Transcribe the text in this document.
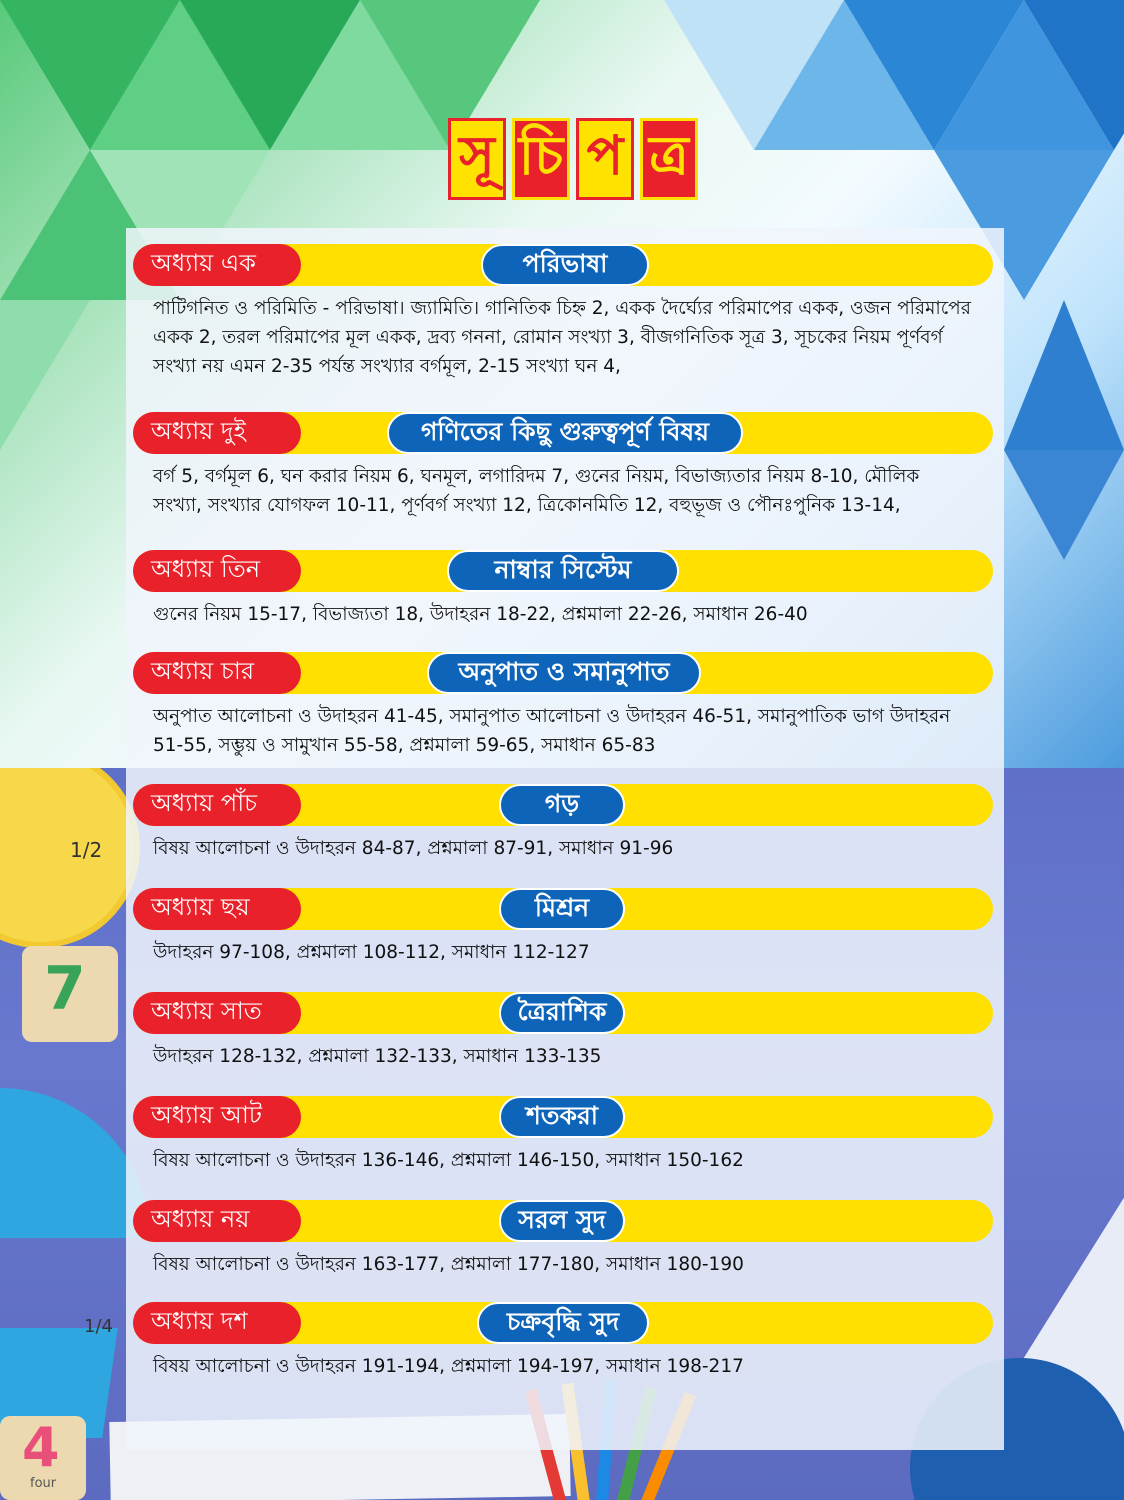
1/2
7
1/4
4
four
সূ চি প ত্র
অধ্যায় এক	পরিভাষা
পাটিগনিত ও পরিমিতি - পরিভাষা। জ্যামিতি। গানিতিক চিহ্ন 2, একক দৈর্ঘ্যের পরিমাপের একক, ওজন পরিমাপের একক 2, তরল পরিমাপের মূল একক, দ্রব্য গননা, রোমান সংখ্যা 3, বীজগনিতিক সূত্র 3, সূচকের নিয়ম পূর্ণবর্গ সংখ্যা নয় এমন 2-35 পর্যন্ত সংখ্যার বর্গমূল, 2-15 সংখ্যা ঘন 4,
অধ্যায় দুই	গণিতের কিছু গুরুত্বপূর্ণ বিষয়
বর্গ 5, বর্গমূল 6, ঘন করার নিয়ম 6, ঘনমূল, লগারিদম 7, গুনের নিয়ম, বিভাজ্যতার নিয়ম 8-10, মৌলিক সংখ্যা, সংখ্যার যোগফল 10-11, পূর্ণবর্গ সংখ্যা 12, ত্রিকোনমিতি 12, বহুভূজ ও পৌনঃপুনিক 13-14,
অধ্যায় তিন	নাম্বার সিস্টেম
গুনের নিয়ম 15-17, বিভাজ্যতা 18, উদাহরন 18-22, প্রশ্নমালা 22-26, সমাধান 26-40
অধ্যায় চার	অনুপাত ও সমানুপাত
অনুপাত আলোচনা ও উদাহরন 41-45, সমানুপাত আলোচনা ও উদাহরন 46-51, সমানুপাতিক ভাগ উদাহরন 51-55, সম্ভুয় ও সামুখান 55-58, প্রশ্নমালা 59-65, সমাধান 65-83
অধ্যায় পাঁচ	গড়
বিষয় আলোচনা ও উদাহরন 84-87, প্রশ্নমালা 87-91, সমাধান 91-96
অধ্যায় ছয়	মিশ্রন
উদাহরন 97-108, প্রশ্নমালা 108-112, সমাধান 112-127
অধ্যায় সাত	ত্রৈরাশিক
উদাহরন 128-132, প্রশ্নমালা 132-133, সমাধান 133-135
অধ্যায় আট	শতকরা
বিষয় আলোচনা ও উদাহরন 136-146, প্রশ্নমালা 146-150, সমাধান 150-162
অধ্যায় নয়	সরল সুদ
বিষয় আলোচনা ও উদাহরন 163-177, প্রশ্নমালা 177-180, সমাধান 180-190
অধ্যায় দশ	চক্রবৃদ্ধি সুদ
বিষয় আলোচনা ও উদাহরন 191-194, প্রশ্নমালা 194-197, সমাধান 198-217
